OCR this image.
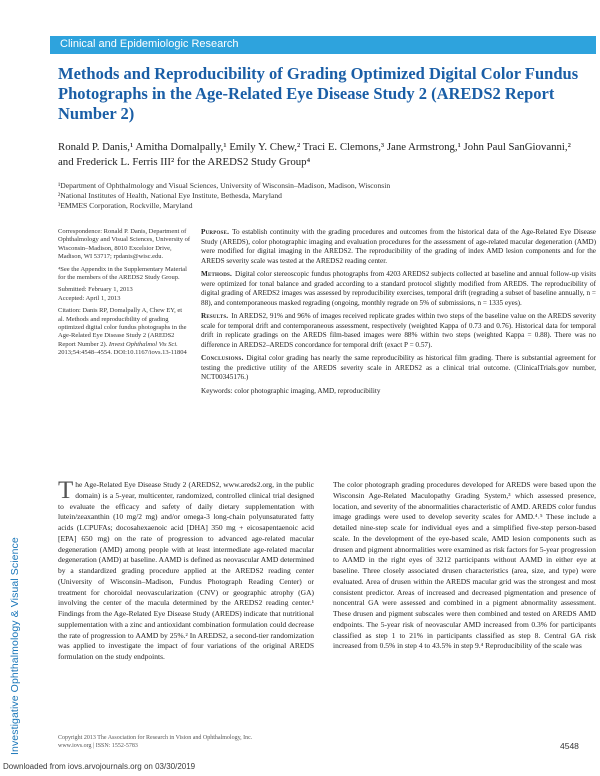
Investigative Ophthalmology & Visual Science
Clinical and Epidemiologic Research
Methods and Reproducibility of Grading Optimized Digital Color Fundus Photographs in the Age-Related Eye Disease Study 2 (AREDS2 Report Number 2)
Ronald P. Danis,¹ Amitha Domalpally,¹ Emily Y. Chew,² Traci E. Clemons,³ Jane Armstrong,¹ John Paul SanGiovanni,² and Frederick L. Ferris III² for the AREDS2 Study Group⁴
¹Department of Ophthalmology and Visual Sciences, University of Wisconsin–Madison, Madison, Wisconsin
²National Institutes of Health, National Eye Institute, Bethesda, Maryland
³EMMES Corporation, Rockville, Maryland

Correspondence: Ronald P. Danis, Department of Ophthalmology and Visual Sciences, University of Wisconsin–Madison, 8010 Excelsior Drive, Madison, WI 53717; rpdanis@wisc.edu.

⁴See the Appendix in the Supplementary Material for the members of the AREDS2 Study Group.

Submitted: February 1, 2013
Accepted: April 1, 2013

Citation: Danis RP, Domalpally A, Chew EY, et al. Methods and reproducibility of grading optimized digital color fundus photographs in the Age-Related Eye Disease Study 2 (AREDS2 Report Number 2). Invest Ophthalmol Vis Sci. 2013;54:4548–4554. DOI:10.1167/iovs.13-11804

Purpose. To establish continuity with the grading procedures and outcomes from the historical data of the Age-Related Eye Disease Study (AREDS), color photographic imaging and evaluation procedures for the assessment of age-related macular degeneration (AMD) were modified for digital imaging in the AREDS2. The reproducibility of the grading of index AMD lesion components and for the AREDS severity scale was tested at the AREDS2 reading center.

Methods. Digital color stereoscopic fundus photographs from 4203 AREDS2 subjects collected at baseline and annual follow-up visits were optimized for tonal balance and graded according to a standard protocol slightly modified from AREDS. The reproducibility of digital grading of AREDS2 images was assessed by reproducibility exercises, temporal drift (regrading a subset of baseline annually, n = 88), and contemporaneous masked regrading (ongoing, monthly regrade on 5% of submissions, n = 1335 eyes).

Results. In AREDS2, 91% and 96% of images received replicate grades within two steps of the baseline value on the AREDS severity scale for temporal drift and contemporaneous assessment, respectively (weighted Kappa of 0.73 and 0.76). Historical data for temporal drift in replicate gradings on the AREDS film-based images were 88% within two steps (weighted Kappa = 0.88). There was no difference in AREDS2–AREDS concordance for temporal drift (exact P = 0.57).

Conclusions. Digital color grading has nearly the same reproducibility as historical film grading. There is substantial agreement for testing the predictive utility of the AREDS severity scale in AREDS2 as a clinical trial outcome. (ClinicalTrials.gov number, NCT00345176.)

Keywords: color photographic imaging, AMD, reproducibility

The Age-Related Eye Disease Study 2 (AREDS2, www.areds2.org, in the public domain) is a 5-year, multicenter, randomized, controlled clinical trial designed to evaluate the efficacy and safety of daily dietary supplementation with lutein/zeaxanthin (10 mg/2 mg) and/or omega-3 long-chain polyunsaturated fatty acids (LCPUFAs; docosahexaenoic acid [DHA] 350 mg + eicosapentaenoic acid [EPA] 650 mg) on the rate of progression to advanced age-related macular degeneration (AMD) among people with at least intermediate age-related macular degeneration (AMD) at baseline. AAMD is defined as neovascular AMD determined by a standardized grading procedure applied at the AREDS2 reading center (University of Wisconsin–Madison, Fundus Photograph Reading Center) or treatment for choroidal neovascularization (CNV) or geographic atrophy (GA) involving the center of the macula determined by the AREDS2 reading center.¹ Findings from the Age-Related Eye Disease Study (AREDS) indicate that nutritional supplementation with a zinc and antioxidant combination formulation could decrease the rate of progression to AAMD by 25%.² In AREDS2, a second-tier randomization was applied to investigate the impact of four variations of the original AREDS formulation on the study endpoints.
The color photograph grading procedures developed for AREDS were based upon the Wisconsin Age-Related Maculopathy Grading System,³ which assessed presence, location, and severity of the abnormalities characteristic of AMD. AREDS color fundus image gradings were used to develop severity scales for AMD.⁴˒⁵ These include a detailed nine-step scale for individual eyes and a simplified five-step person-based scale. In the development of the eye-based scale, AMD lesion components such as drusen and pigment abnormalities were examined as risk factors for 5-year progression to AAMD in the right eyes of 3212 participants without AAMD in either eye at baseline. Three closely associated drusen characteristics (area, size, and type) were evaluated. Area of drusen within the AREDS macular grid was the strongest and most consistent predictor. Areas of increased and decreased pigmentation and presence of noncentral GA were assessed and combined in a pigment abnormality assessment. These drusen and pigment subscales were then combined and tested on AREDS AMD endpoints. The 5-year risk of neovascular AMD increased from 0.3% for participants classified as step 1 to 21% in participants classified as step 8. Central GA risk increased from 0.5% in step 4 to 43.5% in step 9.⁴ Reproducibility of the scale was
Copyright 2013 The Association for Research in Vision and Ophthalmology, Inc.
www.iovs.org | ISSN: 1552-5783	4548
Downloaded from iovs.arvojournals.org on 03/30/2019
